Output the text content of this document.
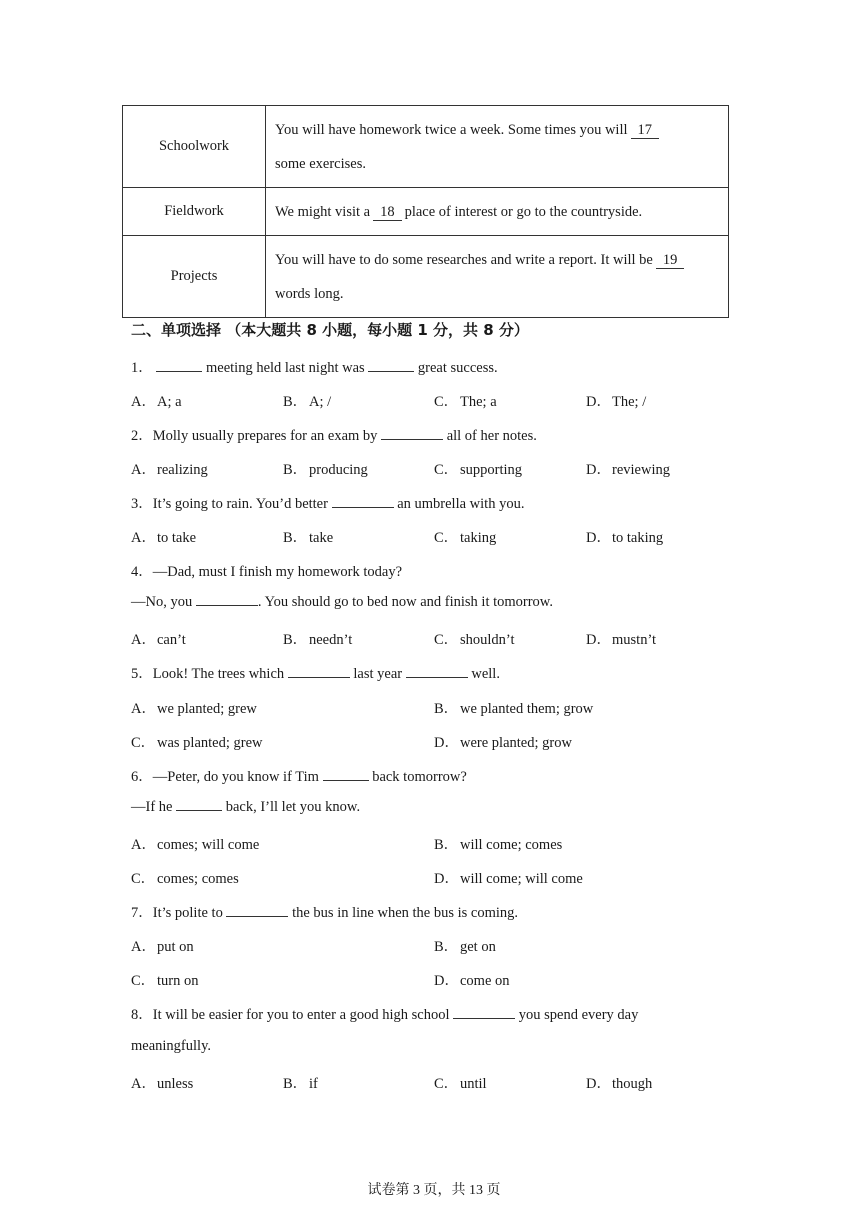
Schoolwork	You will have homework twice a week. Some times you will 17
some exercises.
Fieldwork	We might visit a 18 place of interest or go to the countryside.
Projects	You will have to do some researches and write a report. It will be 19
words long.
二、单项选择 （本大题共 8 小题，每小题 1 分，共 8 分）
1．	meeting held last night was	great success.
A．A; a	B． A; /	C． The; a	D．The; /
2．Molly usually prepares for an exam by	all of her notes.
A．realizing	B． producing	C． supporting	D．reviewing
3．It’s going to rain. You’d better	an umbrella with you.
A．to take	B． take	C． taking	D．to taking
4．—Dad, must I finish my homework today?
—No, you	. You should go to bed now and finish it tomorrow.
A．can’t	B． needn’t	C． shouldn’t	D．mustn’t
5．Look! The trees which	last year	well.
A．we planted; grew	B． we planted them; grow
C． was planted; grew	D．were planted; grow
6．—Peter, do you know if Tim	back tomorrow?
—If he	back, I’ll let you know.
A．comes; will come	B． will come; comes
C． comes; comes	D．will come; will come
7．It’s polite to	the bus in line when the bus is coming.
A．put on	B． get on
C． turn on	D．come on
8．It will be easier for you to enter a good high school	you spend every day
meaningfully.
A．unless	B． if	C． until	D．though
试卷第 3 页，共 13 页
